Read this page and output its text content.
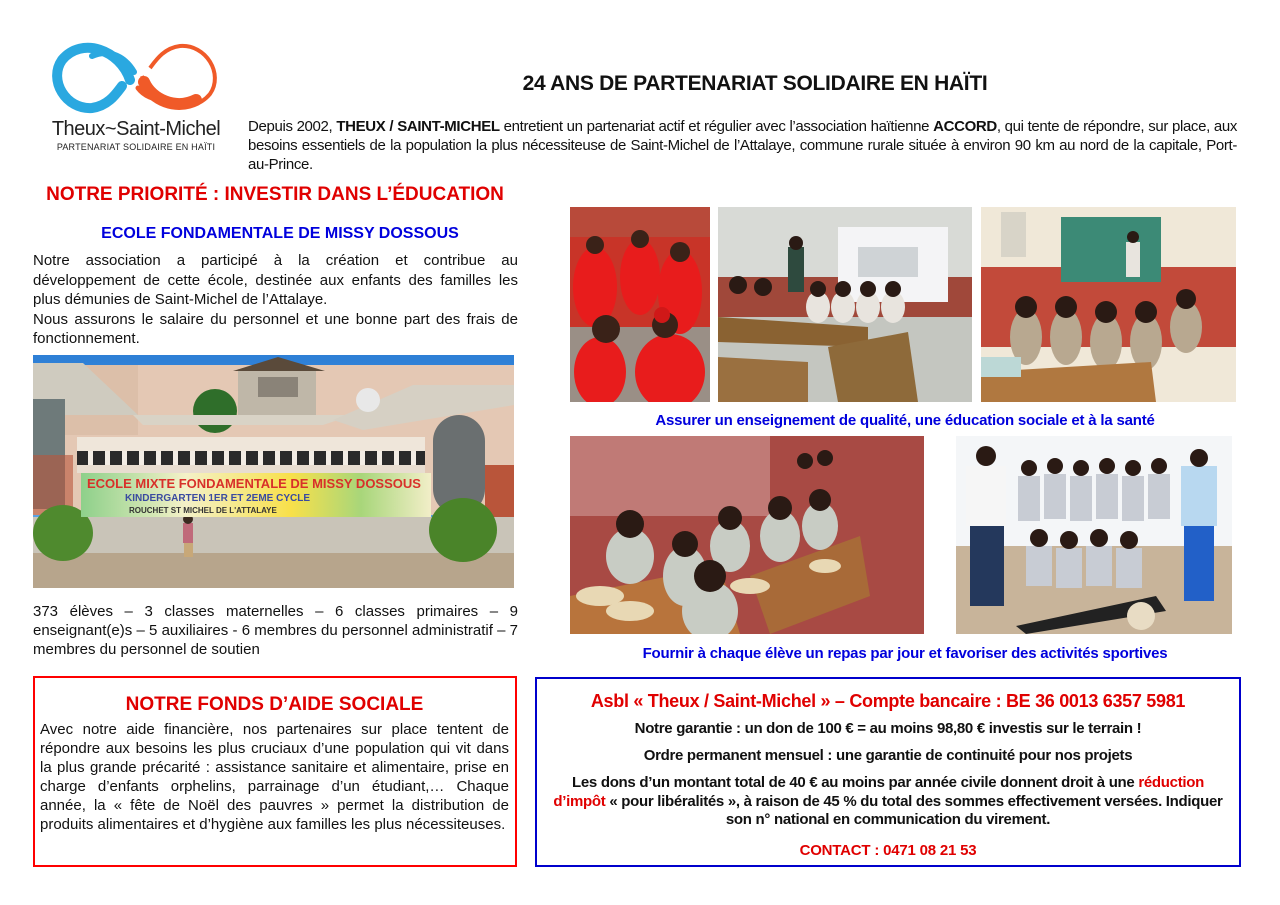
Theux~Saint-Michel
PARTENARIAT SOLIDAIRE EN HAÏTI
24 ANS DE PARTENARIAT SOLIDAIRE EN HAÏTI
Depuis 2002, THEUX / SAINT-MICHEL entretient un partenariat actif et régulier avec l’association haïtienne ACCORD, qui tente de répondre, sur place, aux besoins essentiels de la population la plus nécessiteuse de Saint-Michel de l’Attalaye, commune rurale située à environ 90 km au nord de la capitale, Port-au-Prince.
NOTRE PRIORITÉ : INVESTIR DANS L’ÉDUCATION
ECOLE FONDAMENTALE DE MISSY DOSSOUS
Notre association a participé à la création et contribue au développement de cette école, destinée aux enfants des familles les plus démunies de Saint-Michel de l’Attalaye.
Nous assurons le salaire du personnel et une bonne part des frais de fonctionnement.
ECOLE MIXTE FONDAMENTALE DE MISSY DOSSOUS
KINDERGARTEN 1ER ET 2EME CYCLE
ROUCHET ST MICHEL DE L'ATTALAYE
373 élèves – 3 classes maternelles – 6 classes primaires – 9 enseignant(e)s – 5 auxiliaires - 6 membres du personnel administratif – 7 membres du personnel de soutien
Assurer un enseignement de qualité, une éducation sociale et à la santé
Fournir à chaque élève un repas par jour et favoriser des activités sportives
NOTRE FONDS D’AIDE SOCIALE
Avec notre aide financière, nos partenaires sur place tentent de répondre aux besoins les plus cruciaux d’une population qui vit dans la plus grande précarité : assistance sanitaire et alimentaire, prise en charge d’enfants orphelins, parrainage d’un étudiant,… Chaque année, la « fête de Noël des pauvres » permet la distribution de produits alimentaires et d’hygiène aux familles les plus nécessiteuses.
Asbl « Theux / Saint-Michel » – Compte bancaire : BE 36 0013 6357 5981
Notre garantie : un don de 100 € = au moins 98,80 € investis sur le terrain !
Ordre permanent mensuel : une garantie de continuité pour nos projets
Les dons d’un montant total de 40 € au moins par année civile donnent droit à une réduction d’impôt « pour libéralités », à raison de 45 % du total des sommes effectivement versées. Indiquer son n° national en communication du virement.
CONTACT : 0471 08 21 53
